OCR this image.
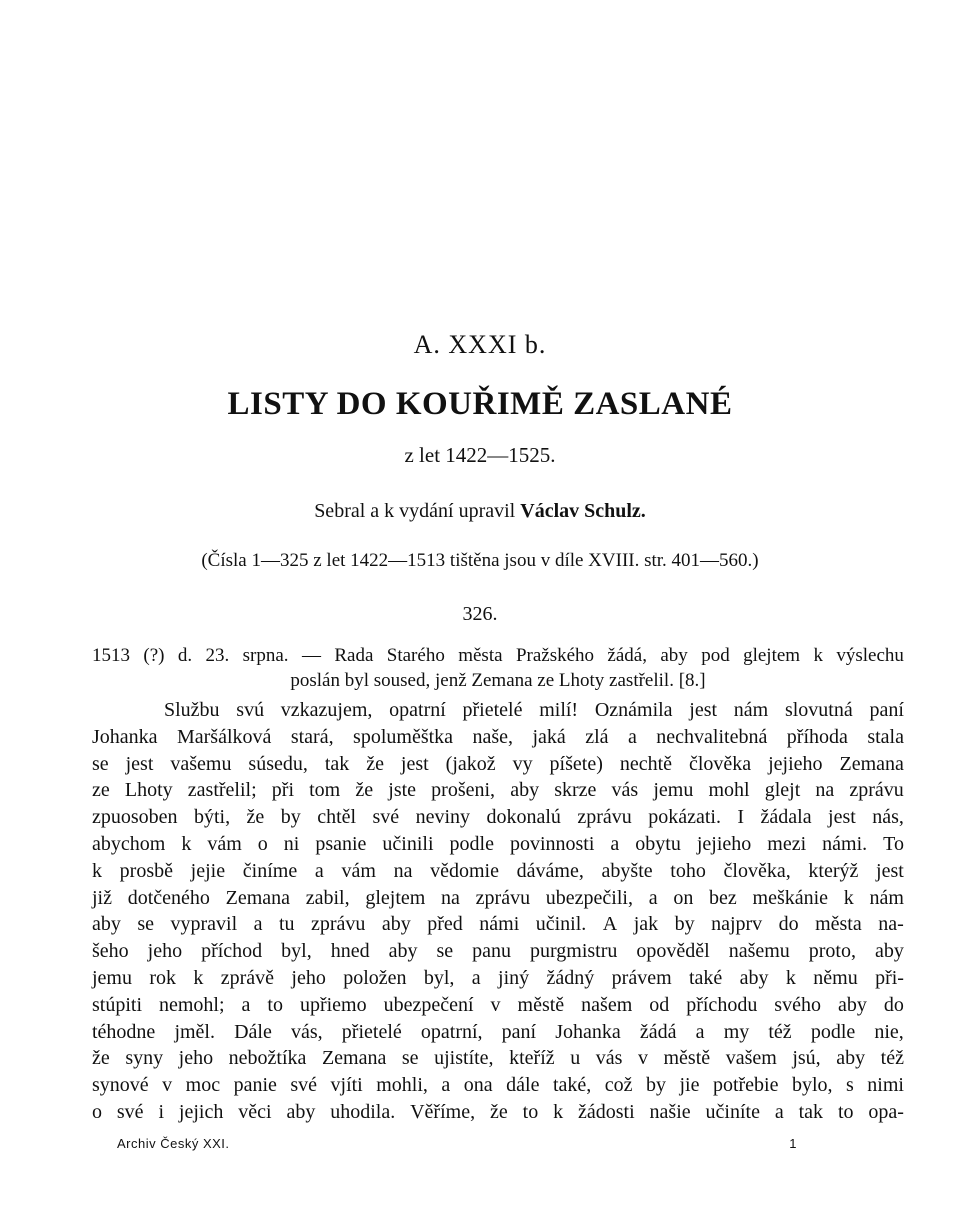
A. XXXI b.
LISTY DO KOUŘIMĚ ZASLANÉ
z let 1422—1525.
Sebral a k vydání upravil Václav Schulz.
(Čísla 1—325 z let 1422—1513 tištěna jsou v díle XVIII. str. 401—560.)
326.
1513 (?) d. 23. srpna. — Rada Starého města Pražského žádá, aby pod glejtem k výslechu
poslán byl soused, jenž Zemana ze Lhoty zastřelil. [8.]
Službu svú vzkazujem, opatrní přietelé milí! Oznámila jest nám slovutná paní
Johanka Maršálková stará, spoluměštka naše, jaká zlá a nechvalitebná příhoda stala
se jest vašemu súsedu, tak že jest (jakož vy píšete) nechtě člověka jejieho Zemana
ze Lhoty zastřelil; při tom že jste prošeni, aby skrze vás jemu mohl glejt na zprávu
zpuosoben býti, že by chtěl své neviny dokonalú zprávu pokázati. I žádala jest nás,
abychom k vám o ni psanie učinili podle povinnosti a obytu jejieho mezi námi. To
k prosbě jejie činíme a vám na vědomie dáváme, abyšte toho člověka, kterýž jest
již dotčeného Zemana zabil, glejtem na zprávu ubezpečili, a on bez meškánie k nám
aby se vypravil a tu zprávu aby před námi učinil. A jak by najprv do města na-
šeho jeho příchod byl, hned aby se panu purgmistru opověděl našemu proto, aby
jemu rok k zprávě jeho položen byl, a jiný žádný právem také aby k němu při-
stúpiti nemohl; a to upřiemo ubezpečení v městě našem od příchodu svého aby do
téhodne jměl. Dále vás, přietelé opatrní, paní Johanka žádá a my též podle nie,
že syny jeho nebožtíka Zemana se ujistíte, kteříž u vás v městě vašem jsú, aby též
synové v moc panie své vjíti mohli, a ona dále také, což by jie potřebie bylo, s nimi
o své i jejich věci aby uhodila. Věříme, že to k žádosti našie učiníte a tak to opa-
Archiv Český XXI.	1
